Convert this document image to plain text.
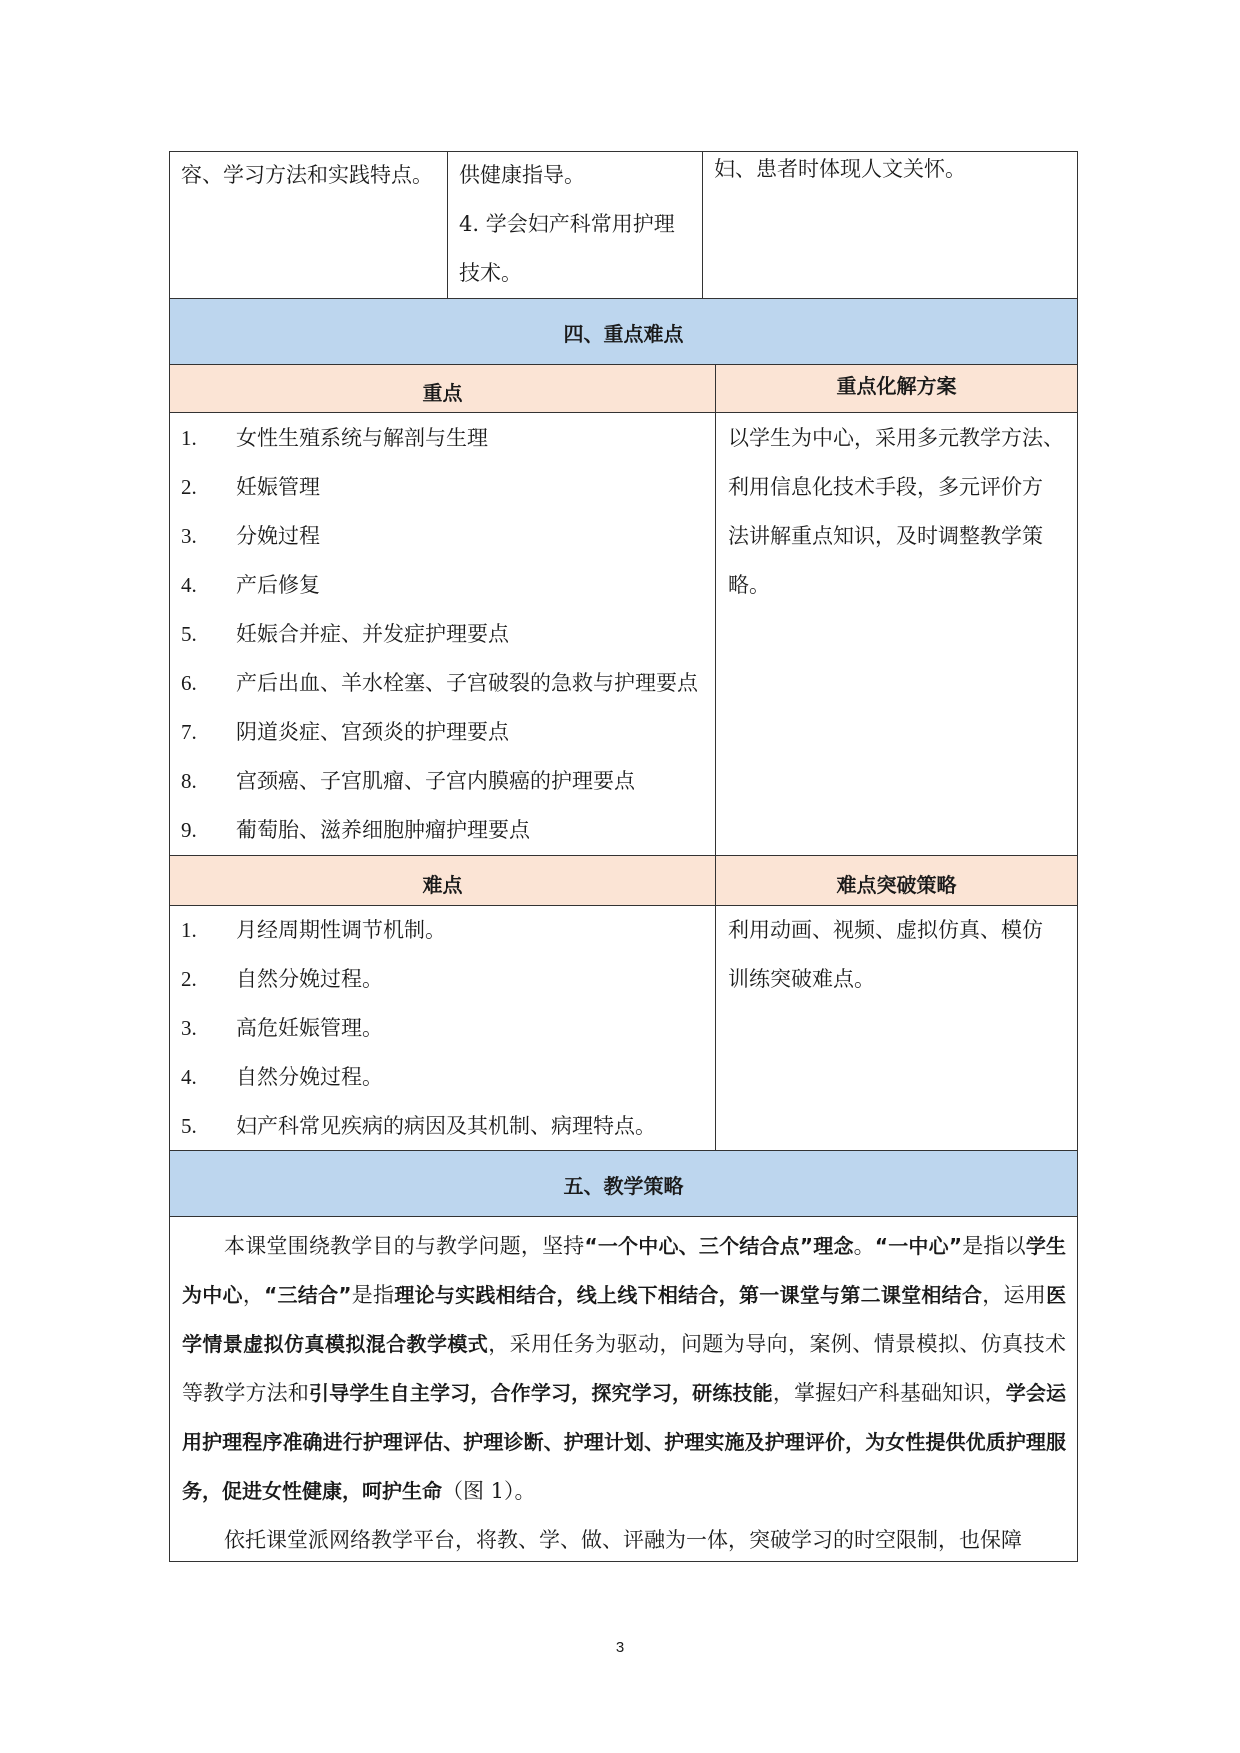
容、学习方法和实践特点。 供健康指导。
4. 学会妇产科常用护理
技术。
妇、患者时体现人文关怀。
四、重点难点
重点	重点化解方案
1. 女性生殖系统与解剖与生理
2. 妊娠管理
3. 分娩过程
4. 产后修复
5. 妊娠合并症、并发症护理要点
6. 产后出血、羊水栓塞、子宫破裂的急救与护理要点
7. 阴道炎症、宫颈炎的护理要点
8. 宫颈癌、子宫肌瘤、子宫内膜癌的护理要点
9. 葡萄胎、滋养细胞肿瘤护理要点
以学生为中心，采用多元教学方法、
利用信息化技术手段，多元评价方
法讲解重点知识，及时调整教学策
略。
难点	难点突破策略
1. 月经周期性调节机制。
2. 自然分娩过程。
3. 高危妊娠管理。
4. 自然分娩过程。
5. 妇产科常见疾病的病因及其机制、病理特点。
利用动画、视频、虚拟仿真、模仿
训练突破难点。
五、教学策略
本课堂围绕教学目的与教学问题，坚持“一个中心、三个结合点”理念。“一中心”是指以学生为中心，“三结合”是指理论与实践相结合，线上线下相结合，第一课堂与第二课堂相结合，运用医学情景虚拟仿真模拟混合教学模式，采用任务为驱动，问题为导向，案例、情景模拟、仿真技术等教学方法和引导学生自主学习，合作学习，探究学习，研练技能，掌握妇产科基础知识，学会运用护理程序准确进行护理评估、护理诊断、护理计划、护理实施及护理评价，为女性提供优质护理服务，促进女性健康，呵护生命（图 1）。
依托课堂派网络教学平台，将教、学、做、评融为一体，突破学习的时空限制，也保障
3
